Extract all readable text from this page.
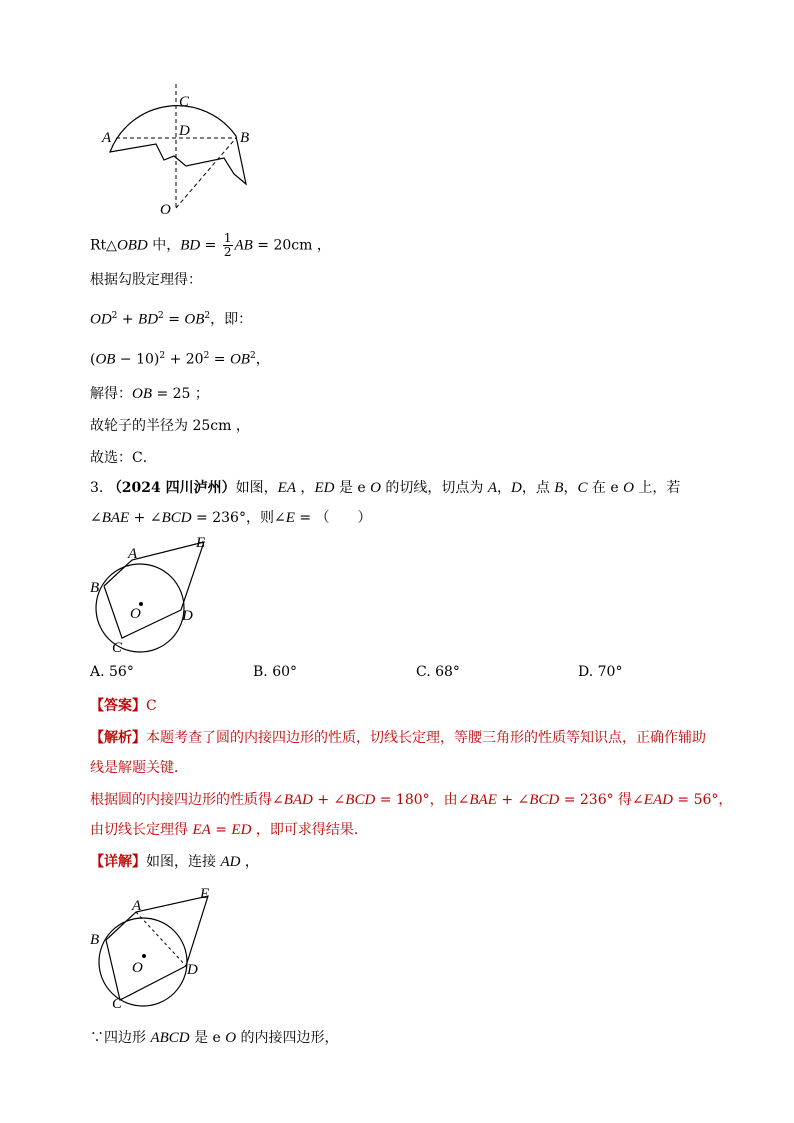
C
D
A	B
O
Rt△OBD 中，BD = $\frac{1}{2}$ AB = 20cm ，
根据勾股定理得：
$OD^2 + BD^2 = OB^2$，即：
$(OB - 10)^2 + 20^2 = OB^2$，
解得：OB = 25 ；
故轮子的半径为 25cm ，
故选：C．
3. （2024 四川泸州）如图，EA ，ED 是 e O 的切线，切点为 A，D，点 B，C 在 e O 上，若
∠BAE + ∠BCD = 236°，则∠E = （　　）
A
E
B
O	D
C
A. 56°	B. 60°	C. 68°	D. 70°
【答案】C
【解析】本题考查了圆的内接四边形的性质，切线长定理，等腰三角形的性质等知识点，正确作辅助
线是解题关键．
根据圆的内接四边形的性质得∠BAD + ∠BCD = 180°，由∠BAE + ∠BCD = 236° 得∠EAD = 56°，
由切线长定理得 EA = ED ，即可求得结果．
【详解】如图，连接 AD ，
A
E
B
O	D
C
∵四边形 ABCD 是 e O 的内接四边形，
